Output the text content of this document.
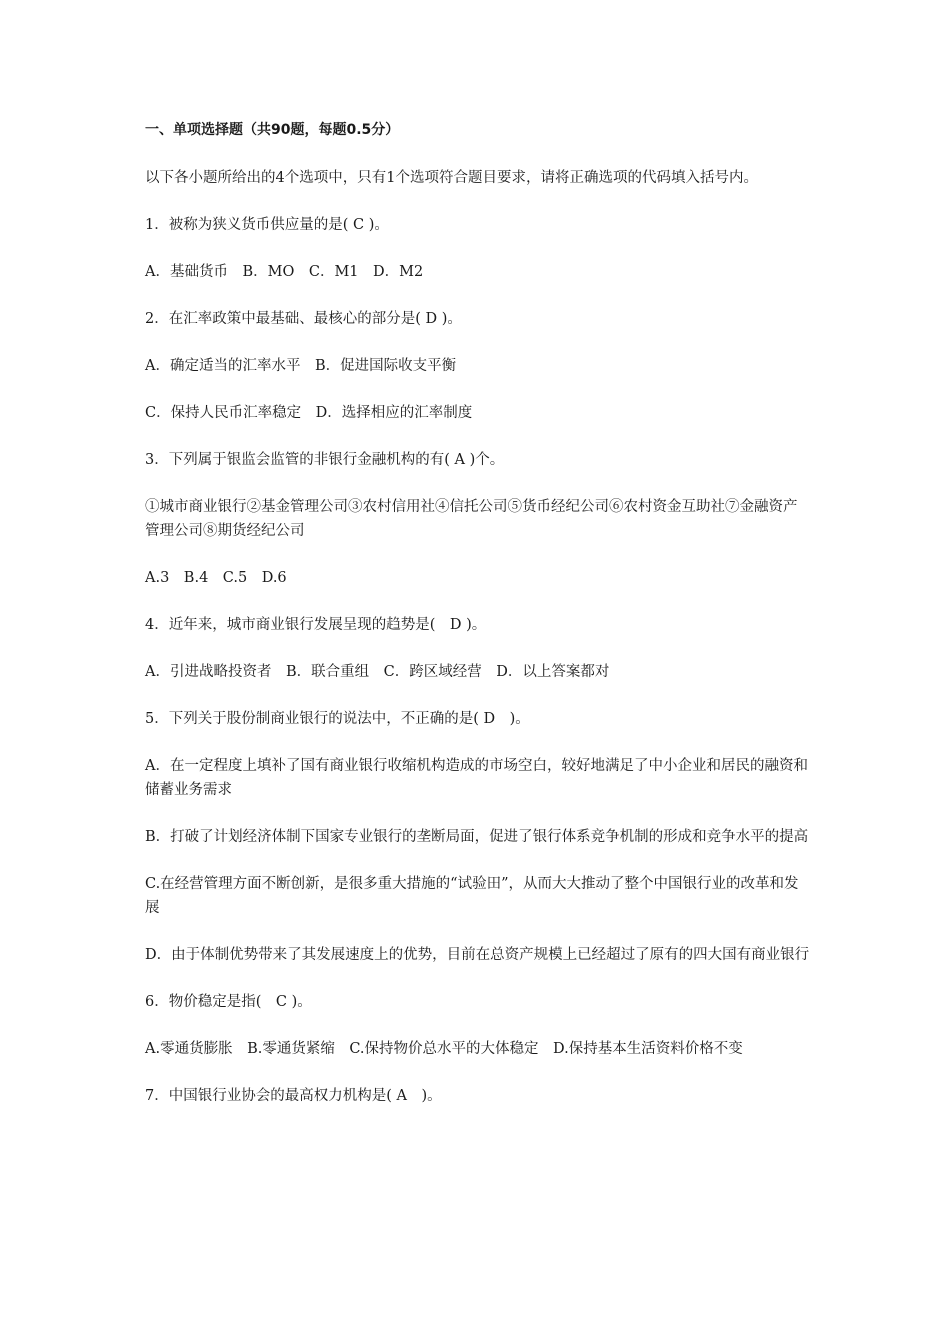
一、单项选择题（共90题，每题0.5分）

以下各小题所给出的4个选项中，只有1个选项符合题目要求，请将正确选项的代码填入括号内。

1．被称为狭义货币供应量的是( C )。

A．基础货币　B．MO　C．M1　D．M2

2．在汇率政策中最基础、最核心的部分是( D )。

A．确定适当的汇率水平　B．促进国际收支平衡

C．保持人民币汇率稳定　D．选择相应的汇率制度

3．下列属于银监会监管的非银行金融机构的有( A )个。

①城市商业银行②基金管理公司③农村信用社④信托公司⑤货币经纪公司⑥农村资金互助社⑦金融资产管理公司⑧期货经纪公司

A.3　B.4　C.5　D.6

4．近年来，城市商业银行发展呈现的趋势是(　D )。

A．引进战略投资者　B．联合重组　C．跨区域经营　D．以上答案都对

5．下列关于股份制商业银行的说法中，不正确的是( D　)。

A．在一定程度上填补了国有商业银行收缩机构造成的市场空白，较好地满足了中小企业和居民的融资和储蓄业务需求

B．打破了计划经济体制下国家专业银行的垄断局面，促进了银行体系竞争机制的形成和竞争水平的提高

C.在经营管理方面不断创新，是很多重大措施的“试验田”，从而大大推动了整个中国银行业的改革和发展

D．由于体制优势带来了其发展速度上的优势，目前在总资产规模上已经超过了原有的四大国有商业银行

6．物价稳定是指(　C )。

A.零通货膨胀　B.零通货紧缩　C.保持物价总水平的大体稳定　D.保持基本生活资料价格不变

7．中国银行业协会的最高权力机构是( A　)。
